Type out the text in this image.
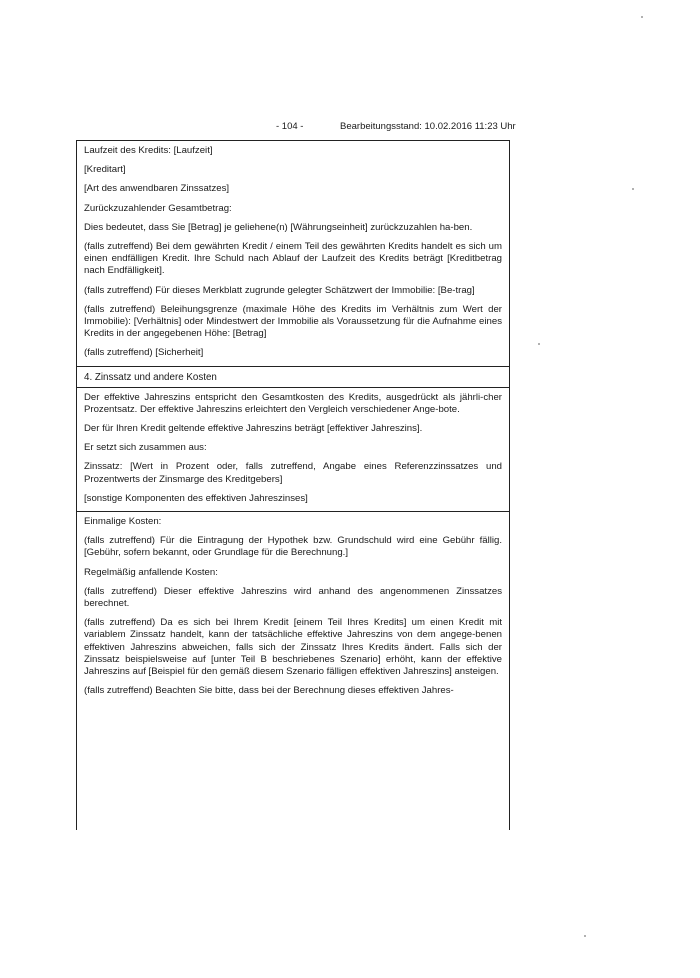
- 104 -	Bearbeitungsstand: 10.02.2016 11:23 Uhr

Laufzeit des Kredits: [Laufzeit]

[Kreditart]

[Art des anwendbaren Zinssatzes]

Zurückzuzahlender Gesamtbetrag:

Dies bedeutet, dass Sie [Betrag] je geliehene(n) [Währungseinheit] zurückzuzahlen ha-ben.

(falls zutreffend) Bei dem gewährten Kredit / einem Teil des gewährten Kredits handelt es sich um einen endfälligen Kredit. Ihre Schuld nach Ablauf der Laufzeit des Kredits beträgt [Kreditbetrag nach Endfälligkeit].

(falls zutreffend) Für dieses Merkblatt zugrunde gelegter Schätzwert der Immobilie: [Be-trag]

(falls zutreffend) Beleihungsgrenze (maximale Höhe des Kredits im Verhältnis zum Wert der Immobilie): [Verhältnis] oder Mindestwert der Immobilie als Voraussetzung für die Aufnahme eines Kredits in der angegebenen Höhe: [Betrag]

(falls zutreffend) [Sicherheit]

4. Zinssatz und andere Kosten

Der effektive Jahreszins entspricht den Gesamtkosten des Kredits, ausgedrückt als jährli-cher Prozentsatz. Der effektive Jahreszins erleichtert den Vergleich verschiedener Ange-bote.

Der für Ihren Kredit geltende effektive Jahreszins beträgt [effektiver Jahreszins].

Er setzt sich zusammen aus:

Zinssatz: [Wert in Prozent oder, falls zutreffend, Angabe eines Referenzzinssatzes und Prozentwerts der Zinsmarge des Kreditgebers]

[sonstige Komponenten des effektiven Jahreszinses]

Einmalige Kosten:

(falls zutreffend) Für die Eintragung der Hypothek bzw. Grundschuld wird eine Gebühr fällig. [Gebühr, sofern bekannt, oder Grundlage für die Berechnung.]

Regelmäßig anfallende Kosten:

(falls zutreffend) Dieser effektive Jahreszins wird anhand des angenommenen Zinssatzes berechnet.

(falls zutreffend) Da es sich bei Ihrem Kredit [einem Teil Ihres Kredits] um einen Kredit mit variablem Zinssatz handelt, kann der tatsächliche effektive Jahreszins von dem angege-benen effektiven Jahreszins abweichen, falls sich der Zinssatz Ihres Kredits ändert. Falls sich der Zinssatz beispielsweise auf [unter Teil B beschriebenes Szenario] erhöht, kann der effektive Jahreszins auf [Beispiel für den gemäß diesem Szenario fälligen effektiven Jahreszins] ansteigen.

(falls zutreffend) Beachten Sie bitte, dass bei der Berechnung dieses effektiven Jahres-
